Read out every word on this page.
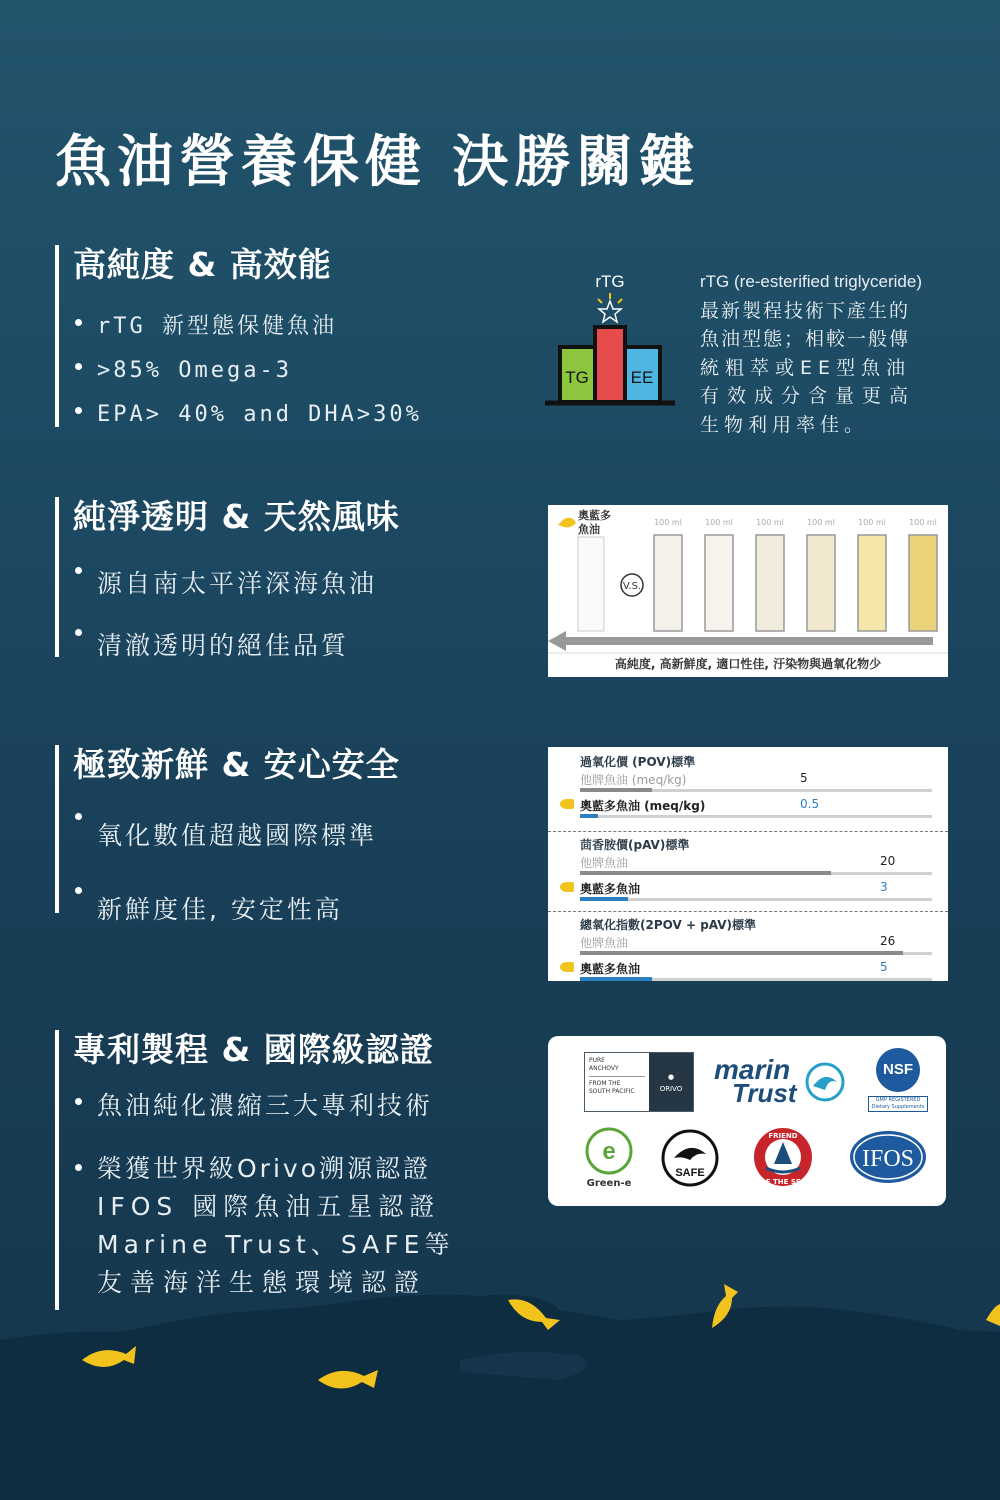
魚油營養保健 決勝關鍵
高純度 & 高效能
rTG 新型態保健魚油
>85% Omega-3
EPA> 40% and DHA>30%
rTG
TG EE
rTG (re-esterified triglyceride)
最新製程技術下產生的
魚油型態；相較一般傳
統粗萃或EE型魚油
有效成分含量更高
生物利用率佳。
純淨透明 & 天然風味
源自南太平洋深海魚油
清澈透明的絕佳品質
奧藍多
魚油
V.S.
100 ml	100 ml	100 ml	100 ml	100 ml	100 ml
高純度, 高新鮮度, 適口性佳, 汙染物與過氧化物少
極致新鮮 & 安心安全
氧化數值超越國際標準
新鮮度佳, 安定性高
過氧化價 (POV)標準
他牌魚油 (meq/kg)	5
奧藍多魚油 (meq/kg)	0.5
茴香胺價(pAV)標準
他牌魚油	20
奧藍多魚油	3
總氧化指數(2POV + pAV)標準
他牌魚油	26
奧藍多魚油	5
專利製程 & 國際級認證
魚油純化濃縮三大專利技術
榮獲世界級Orivo溯源認證
IFOS 國際魚油五星認證
Marine Trust、SAFE等
友善海洋生態環境認證
PURE
ANCHOVY
FROM THE
SOUTH PACIFIC
●
ORIVO
marin
Trust
NSF
GMP REGISTERED
Dietary Supplements
e
Green-e
SAFE
FRIEND
OF THE SEA
IFOS
